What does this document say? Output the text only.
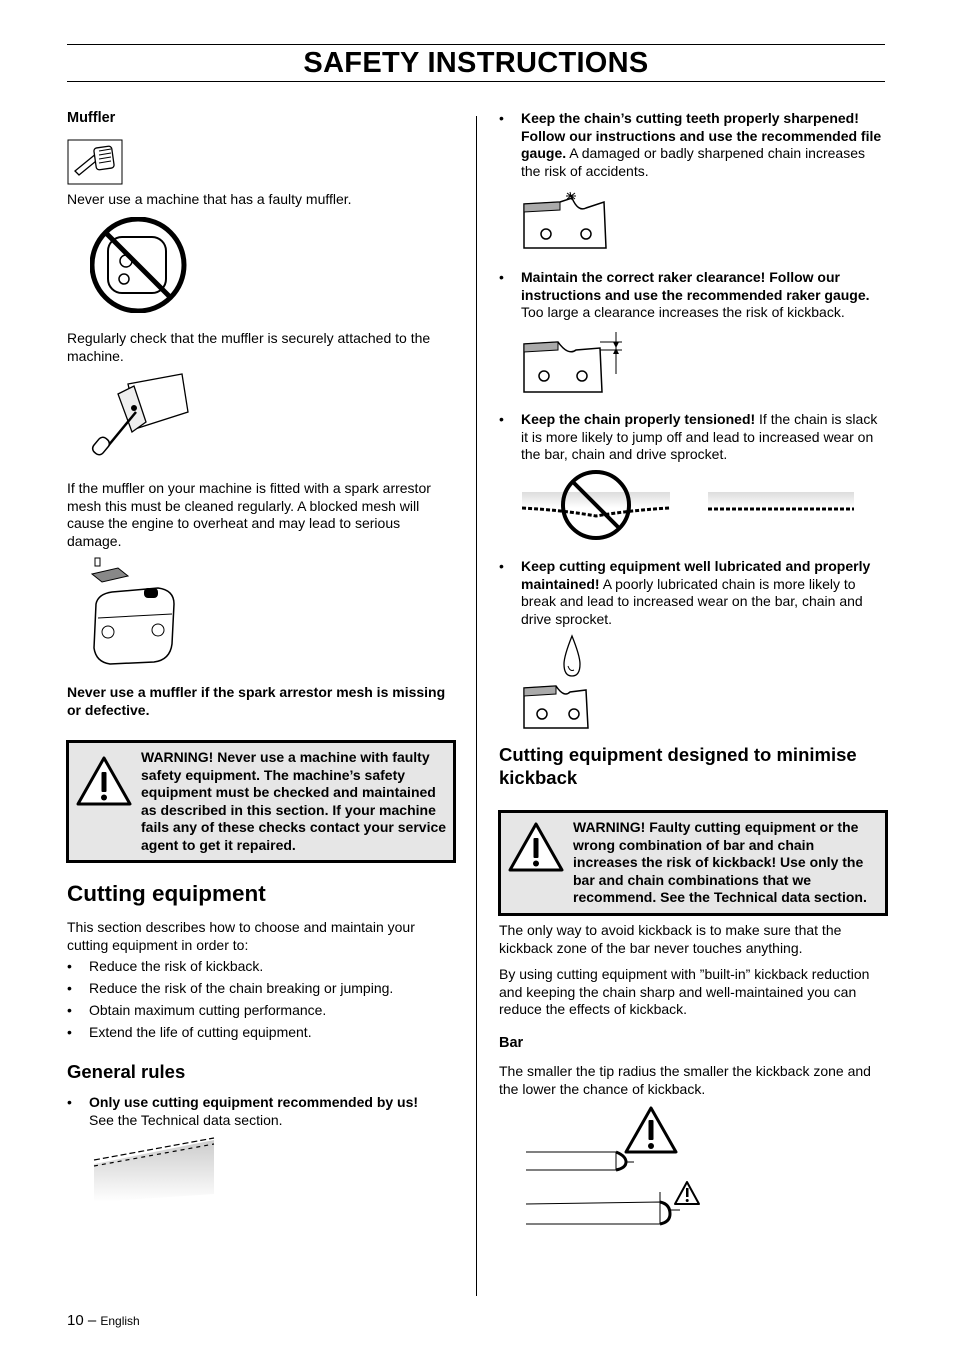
SAFETY INSTRUCTIONS
Muffler

Never use a machine that has a faulty muffler.

Regularly check that the muffler is securely attached to the machine.

If the muffler on your machine is fitted with a spark arrestor mesh this must be cleaned regularly. A blocked mesh will cause the engine to overheat and may lead to serious damage.

Never use a muffler if the spark arrestor mesh is missing or defective.

WARNING! Never use a machine with faulty safety equipment. The machine’s safety equipment must be checked and maintained as described in this section. If your machine fails any of these checks contact your service agent to get it repaired.
Cutting equipment

This section describes how to choose and maintain your cutting equipment in order to:

• Reduce the risk of kickback.
• Reduce the risk of the chain breaking or jumping.
• Obtain maximum cutting performance.
• Extend the life of cutting equipment.
General rules
• Only use cutting equipment recommended by us!
See the Technical data section.
• Keep the chain’s cutting teeth properly sharpened! Follow our instructions and use the recommended file gauge. A damaged or badly sharpened chain increases the risk of accidents.
• Maintain the correct raker clearance! Follow our instructions and use the recommended raker gauge. Too large a clearance increases the risk of kickback.
• Keep the chain properly tensioned! If the chain is slack it is more likely to jump off and lead to increased wear on the bar, chain and drive sprocket.
• Keep cutting equipment well lubricated and properly maintained! A poorly lubricated chain is more likely to break and lead to increased wear on the bar, chain and drive sprocket.
Cutting equipment designed to minimise kickback
WARNING! Faulty cutting equipment or the wrong combination of bar and chain increases the risk of kickback! Use only the bar and chain combinations that we recommend. See the Technical data section.

The only way to avoid kickback is to make sure that the kickback zone of the bar never touches anything.

By using cutting equipment with ”built-in” kickback reduction and keeping the chain sharp and well-maintained you can reduce the effects of kickback.

Bar

The smaller the tip radius the smaller the kickback zone and the lower the chance of kickback.

10 – English
